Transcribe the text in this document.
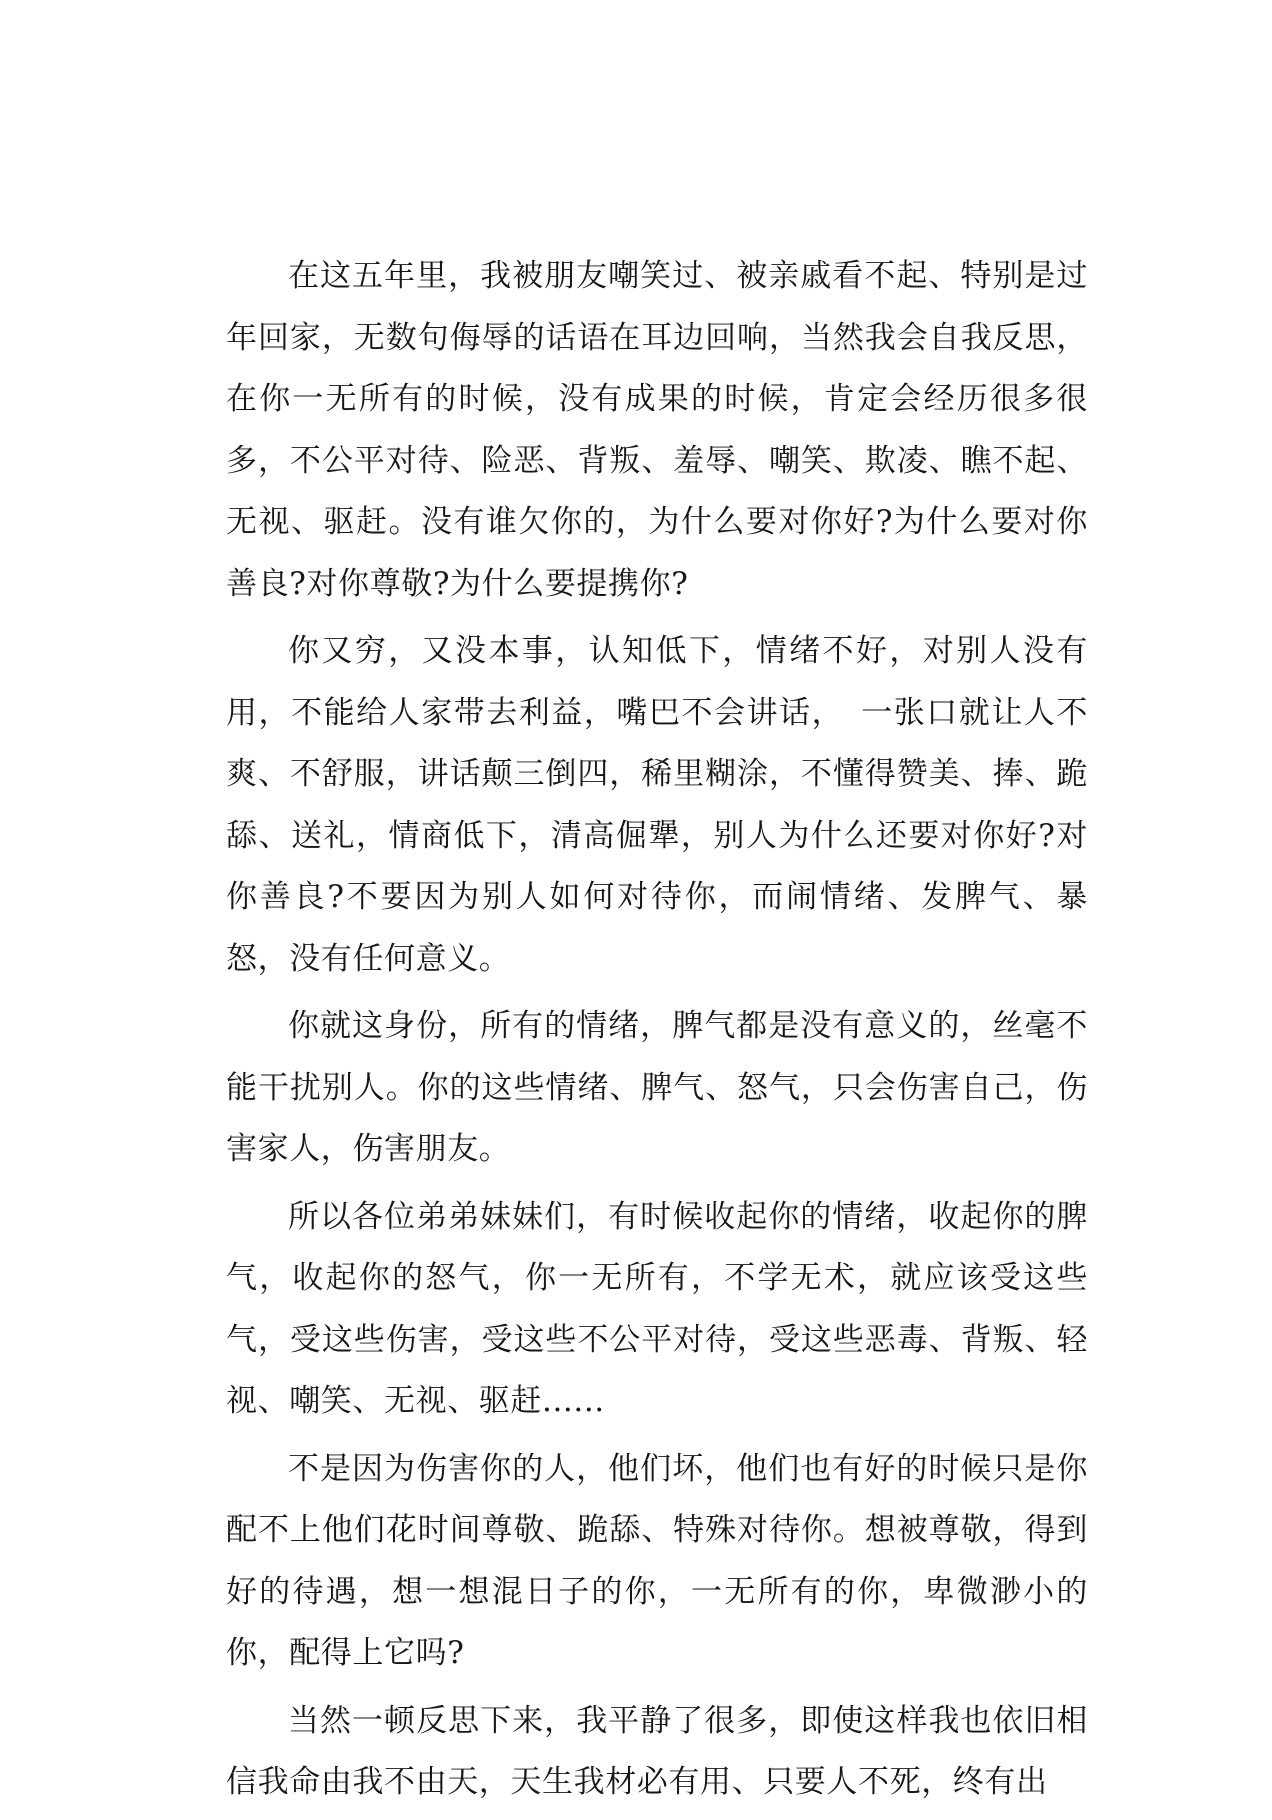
在这五年里，我被朋友嘲笑过、被亲戚看不起、特别是过年回家，无数句侮辱的话语在耳边回响，当然我会自我反思，在你一无所有的时候，没有成果的时候，肯定会经历很多很多，不公平对待、险恶、背叛、羞辱、嘲笑、欺凌、瞧不起、无视、驱赶。没有谁欠你的，为什么要对你好?为什么要对你善良?对你尊敬?为什么要提携你?

你又穷，又没本事，认知低下，情绪不好，对别人没有用，不能给人家带去利益，嘴巴不会讲话，　一张口就让人不爽、不舒服，讲话颠三倒四，稀里糊涂，不懂得赞美、捧、跪舔、送礼，情商低下，清高倔犟，别人为什么还要对你好?对你善良?不要因为别人如何对待你，而闹情绪、发脾气、暴怒，没有任何意义。

你就这身份，所有的情绪，脾气都是没有意义的，丝毫不能干扰别人。你的这些情绪、脾气、怒气，只会伤害自己，伤害家人，伤害朋友。

所以各位弟弟妹妹们，有时候收起你的情绪，收起你的脾气，收起你的怒气，你一无所有，不学无术，就应该受这些气，受这些伤害，受这些不公平对待，受这些恶毒、背叛、轻视、嘲笑、无视、驱赶......

不是因为伤害你的人，他们坏，他们也有好的时候只是你配不上他们花时间尊敬、跪舔、特殊对待你。想被尊敬，得到好的待遇，想一想混日子的你，一无所有的你，卑微渺小的你，配得上它吗?

当然一顿反思下来，我平静了很多，即使这样我也依旧相信我命由我不由天，天生我材必有用、只要人不死，终有出
